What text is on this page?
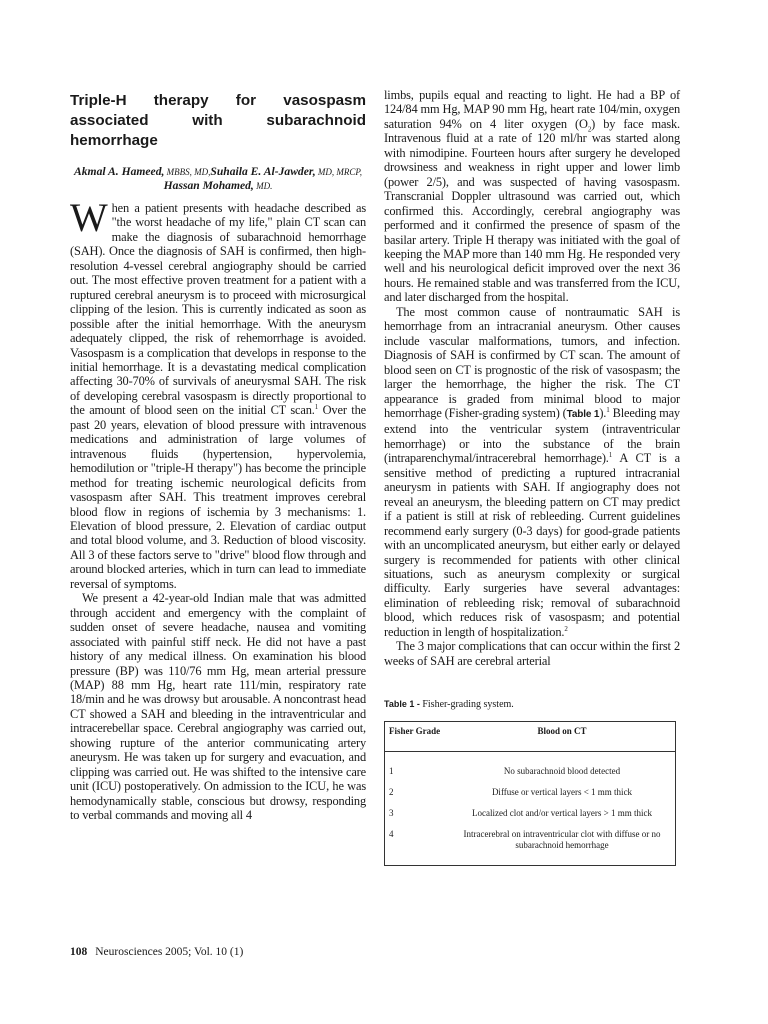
Triple-H therapy for vasospasm associated with subarachnoid hemorrhage
Akmal A. Hameed, MBBS, MD,Suhaila E. Al-Jawder, MD, MRCP,
Hassan Mohamed, MD.

When a patient presents with headache described as "the worst headache of my life," plain CT scan can make the diagnosis of subarachnoid hemorrhage (SAH). Once the diagnosis of SAH is confirmed, then high-resolution 4-vessel cerebral angiography should be carried out. The most effective proven treatment for a patient with a ruptured cerebral aneurysm is to proceed with microsurgical clipping of the lesion. This is currently indicated as soon as possible after the initial hemorrhage. With the aneurysm adequately clipped, the risk of rehemorrhage is avoided. Vasospasm is a complication that develops in response to the initial hemorrhage. It is a devastating medical complication affecting 30-70% of survivals of aneurysmal SAH. The risk of developing cerebral vasospasm is directly proportional to the amount of blood seen on the initial CT scan.$^1$ Over the past 20 years, elevation of blood pressure with intravenous medications and administration of large volumes of intravenous fluids (hypertension, hypervolemia, hemodilution or "triple-H therapy") has become the principle method for treating ischemic neurological deficits from vasospasm after SAH. This treatment improves cerebral blood flow in regions of ischemia by 3 mechanisms: 1. Elevation of blood pressure, 2. Elevation of cardiac output and total blood volume, and 3. Reduction of blood viscosity. All 3 of these factors serve to "drive" blood flow through and around blocked arteries, which in turn can lead to immediate reversal of symptoms.

We present a 42-year-old Indian male that was admitted through accident and emergency with the complaint of sudden onset of severe headache, nausea and vomiting associated with painful stiff neck. He did not have a past history of any medical illness. On examination his blood pressure (BP) was 110/76 mm Hg, mean arterial pressure (MAP) 88 mm Hg, heart rate 111/min, respiratory rate 18/min and he was drowsy but arousable. A noncontrast head CT showed a SAH and bleeding in the intraventricular and intracerebellar space. Cerebral angiography was carried out, showing rupture of the anterior communicating artery aneurysm. He was taken up for surgery and evacuation, and clipping was carried out. He was shifted to the intensive care unit (ICU) postoperatively. On admission to the ICU, he was hemodynamically stable, conscious but drowsy, responding to verbal commands and moving all 4

limbs, pupils equal and reacting to light. He had a BP of 124/84 mm Hg, MAP 90 mm Hg, heart rate 104/min, oxygen saturation 94% on 4 liter oxygen $(O_2)$ by face mask. Intravenous fluid at a rate of 120 ml/hr was started along with nimodipine. Fourteen hours after surgery he developed drowsiness and weakness in right upper and lower limb (power 2/5), and was suspected of having vasospasm. Transcranial Doppler ultrasound was carried out, which confirmed this. Accordingly, cerebral angiography was performed and it confirmed the presence of spasm of the basilar artery. Triple H therapy was initiated with the goal of keeping the MAP more than 140 mm Hg. He responded very well and his neurological deficit improved over the next 36 hours. He remained stable and was transferred from the ICU, and later discharged from the hospital.

The most common cause of nontraumatic SAH is hemorrhage from an intracranial aneurysm. Other causes include vascular malformations, tumors, and infection. Diagnosis of SAH is confirmed by CT scan. The amount of blood seen on CT is prognostic of the risk of vasospasm; the larger the hemorrhage, the higher the risk. The CT appearance is graded from minimal blood to major hemorrhage (Fisher-grading system) (Table 1).$^1$ Bleeding may extend into the ventricular system (intraventricular hemorrhage) or into the substance of the brain (intraparenchymal/intracerebral hemorrhage).$^1$ A CT is a sensitive method of predicting a ruptured intracranial aneurysm in patients with SAH. If angiography does not reveal an aneurysm, the bleeding pattern on CT may predict if a patient is still at risk of rebleeding. Current guidelines recommend early surgery (0-3 days) for good-grade patients with an uncomplicated aneurysm, but either early or delayed surgery is recommended for patients with other clinical situations, such as aneurysm complexity or surgical difficulty. Early surgeries have several advantages: elimination of rebleeding risk; removal of subarachnoid blood, which reduces risk of vasospasm; and potential reduction in length of hospitalization.$^2$

The 3 major complications that can occur within the first 2 weeks of SAH are cerebral arterial

Table 1 - Fisher-grading system.
Fisher Grade	Blood on CT
1	No subarachnoid blood detected
2	Diffuse or vertical layers < 1 mm thick
3	Localized clot and/or vertical layers > 1 mm thick
4	Intracerebral on intraventricular clot with diffuse or no subarachnoid hemorrhage
108 Neurosciences 2005; Vol. 10 (1)
